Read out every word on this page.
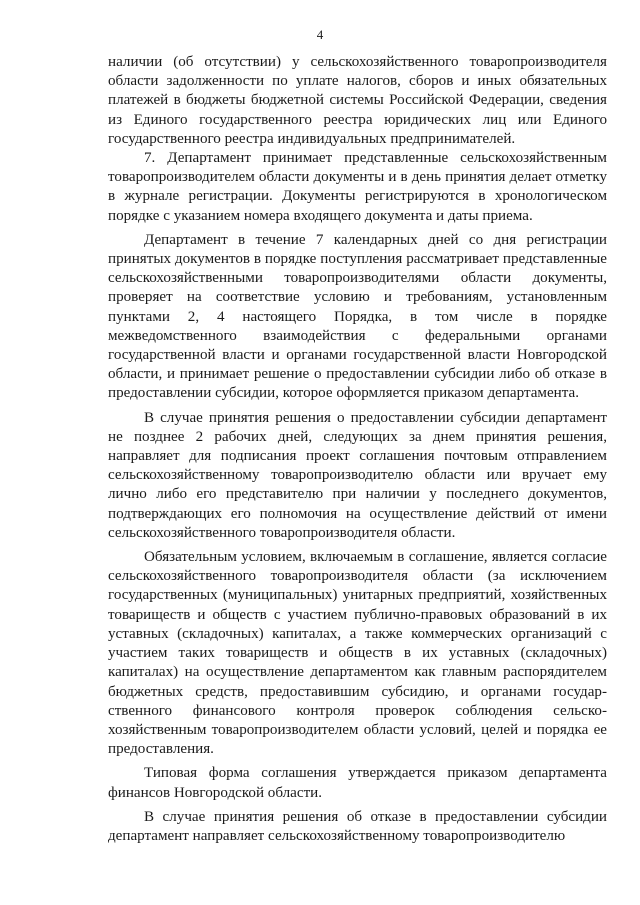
4

наличии (об отсутствии) у сельскохозяйственного товаропроизводителя области задолженности по уплате налогов, сборов и иных обязательных платежей в бюджеты бюджетной системы Российской Федерации, сведения из Единого государственного реестра юридических лиц или Единого государственного реестра индивидуальных предпринимателей.

7. Департамент принимает представленные сельскохозяйственным товаропроизводителем области документы и в день принятия делает отметку в журнале регистрации. Документы регистрируются в хронологическом порядке с указанием номера входящего документа и даты приема.

Департамент в течение 7 календарных дней со дня регистрации принятых документов в порядке поступления рассматривает представленные сельскохозяйственными товаропроизводителями области документы, проверяет на соответствие условию и требованиям, установленным пунктами 2, 4 настоящего Порядка, в том числе в порядке межведомственного взаимодействия с федеральными органами государственной власти и органами государственной власти Новгородской области, и принимает решение о предоставлении субсидии либо об отказе в предоставлении субсидии, которое оформляется приказом департамента.

В случае принятия решения о предоставлении субсидии департамент не позднее 2 рабочих дней, следующих за днем принятия решения, направляет для подписания проект соглашения почтовым отправлением сельскохозяйственному товаропроизводителю области или вручает ему лично либо его представителю при наличии у последнего документов, подтверждающих его полномочия на осуществление действий от имени сельскохозяйственного товаропроизводителя области.

Обязательным условием, включаемым в соглашение, является согласие сельскохозяйственного товаропроизводителя области (за исключением государственных (муниципальных) унитарных предприятий, хозяйственных товариществ и обществ с участием публично-правовых образований в их уставных (складочных) капиталах, а также коммерческих организаций с участием таких товариществ и обществ в их уставных (складочных) капиталах) на осуществление департаментом как главным распорядителем бюджетных средств, предоставившим субсидию, и органами государственного финансового контроля проверок соблюдения сельскохозяйственным товаропроизводителем области условий, целей и порядка ее предоставления.

Типовая форма соглашения утверждается приказом департамента финансов Новгородской области.

В случае принятия решения об отказе в предоставлении субсидии департамент направляет сельскохозяйственному товаропроизводителю
